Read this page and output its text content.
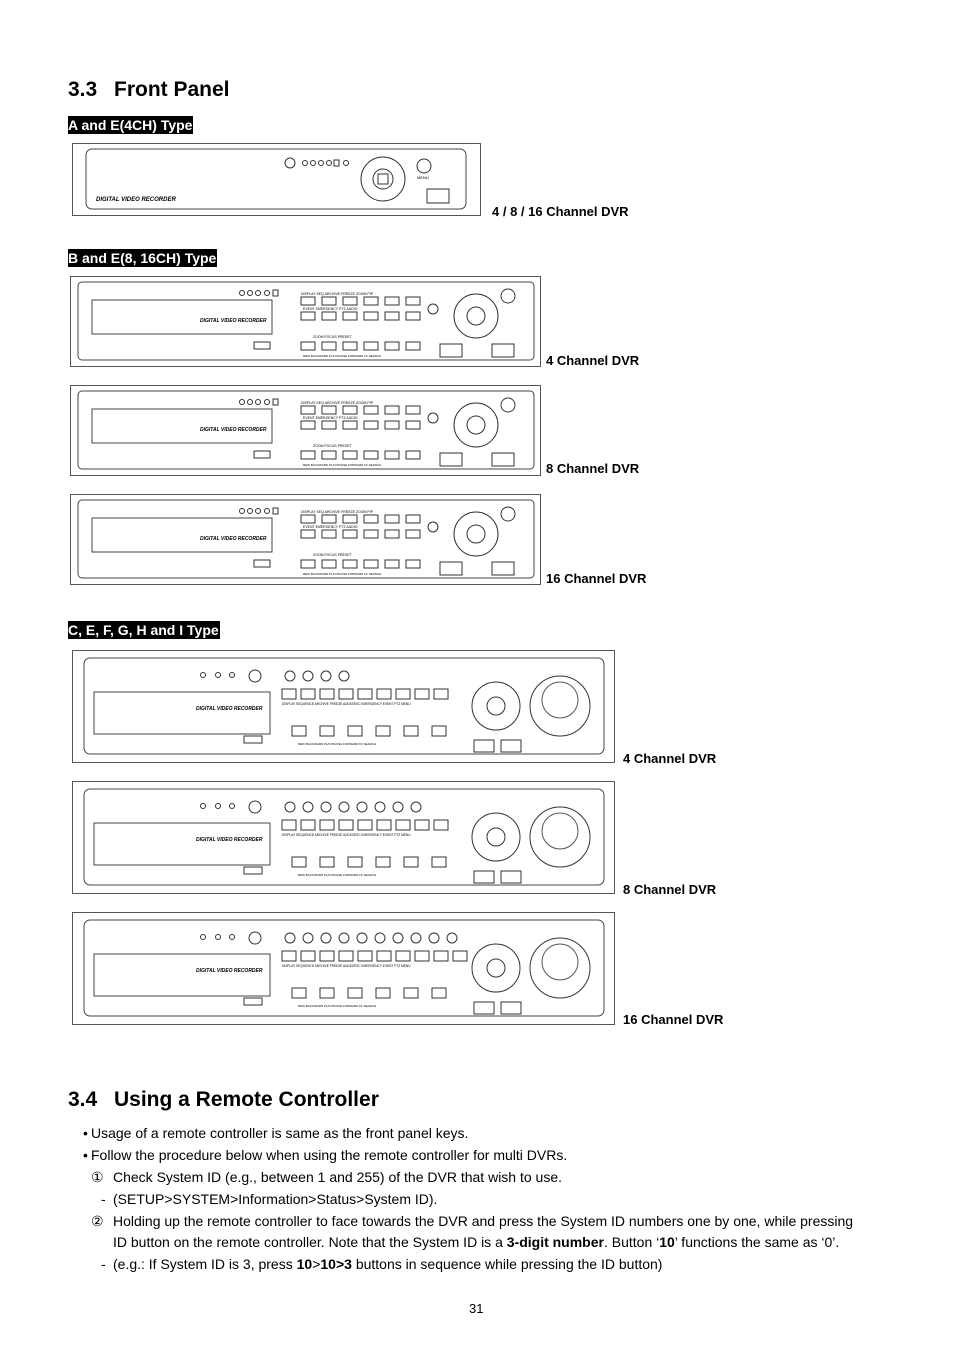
3.3 Front Panel
A and E(4CH) Type
DIGITAL VIDEO RECORDER
MENU
4 / 8 / 16 Channel DVR
B and E(8, 16CH) Type
DIGITAL VIDEO RECORDER
DISPLAY SEQ ARCHIVE FREEZE ZOOM PIP
EVENT EMERGENCY PTZ AUDIO
ZOOM FOCUS PRESET
REW BACKWARD PLAY/PAUSE FORWARD FF SEARCH	4 Channel DVR
DIGITAL VIDEO RECORDER
DISPLAY SEQ ARCHIVE FREEZE ZOOM PIP
EVENT EMERGENCY PTZ AUDIO
ZOOM FOCUS PRESET
REW BACKWARD PLAY/PAUSE FORWARD FF SEARCH	8 Channel DVR
DIGITAL VIDEO RECORDER
DISPLAY SEQ ARCHIVE FREEZE ZOOM PIP
EVENT EMERGENCY PTZ AUDIO
ZOOM FOCUS PRESET
REW BACKWARD PLAY/PAUSE FORWARD FF SEARCH	16 Channel DVR
C, E, F, G, H and I Type
DIGITAL VIDEO RECORDER
DISPLAY SEQUENCE ARCHIVE FREEZE AUDIO/ESC EMERGENCY EVENT PTZ MENU
REW BACKWARD PLAY/PAUSE FORWARD FF SEARCH
4 Channel DVR
DIGITAL VIDEO RECORDER
DISPLAY SEQUENCE ARCHIVE FREEZE AUDIO/ESC EMERGENCY EVENT PTZ MENU
REW BACKWARD PLAY/PAUSE FORWARD FF SEARCH
8 Channel DVR
DIGITAL VIDEO RECORDER
DISPLAY SEQUENCE ARCHIVE FREEZE AUDIO/ESC EMERGENCY EVENT PTZ MENU
REW BACKWARD PLAY/PAUSE FORWARD FF SEARCH
16 Channel DVR
3.4 Using a Remote Controller
• Usage of a remote controller is same as the front panel keys.
• Follow the procedure below when using the remote controller for multi DVRs.
① Check System ID (e.g., between 1 and 255) of the DVR that wish to use.
- (SETUP>SYSTEM>Information>Status>System ID).
② Holding up the remote controller to face towards the DVR and press the System ID numbers one by one, while pressing
ID button on the remote controller. Note that the System ID is a 3-digit number. Button ‘10’ functions the same as ‘0’.
- (e.g.: If System ID is 3, press 10>10>3 buttons in sequence while pressing the ID button)
31
